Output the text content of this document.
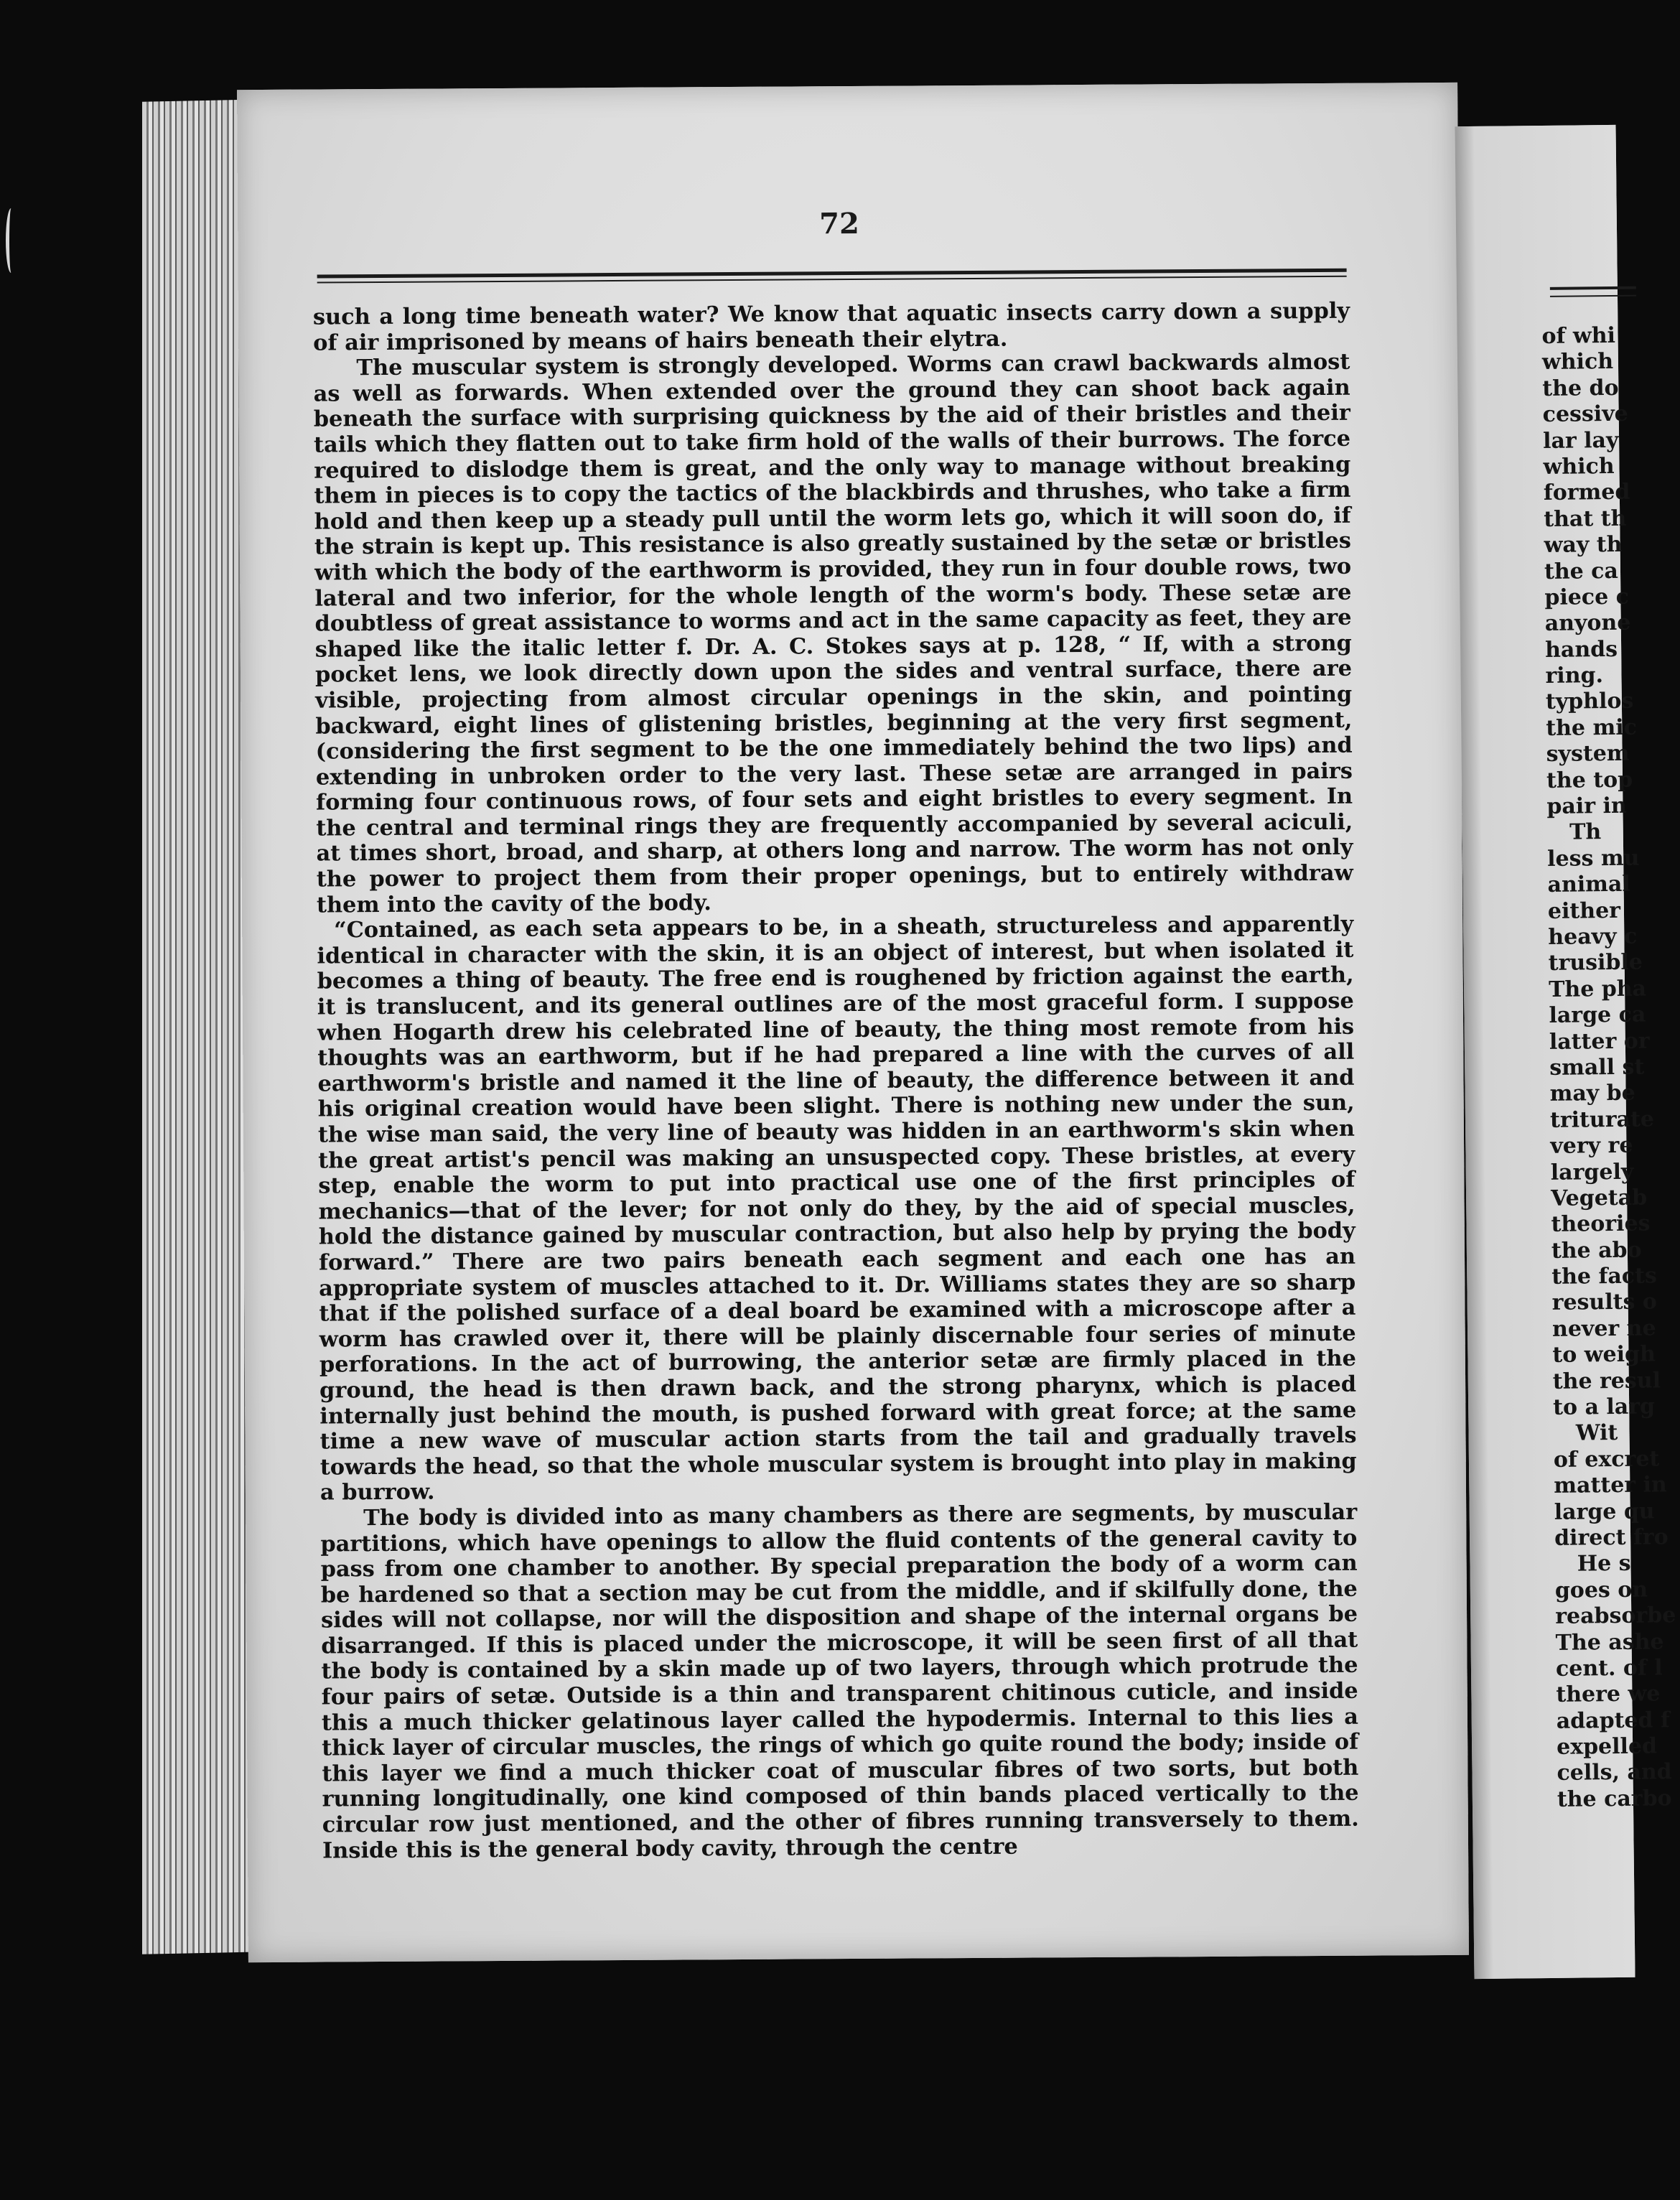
72

such a long time beneath water? We know that aquatic insects carry down a supply of air imprisoned by means of hairs beneath their elytra.

The muscular system is strongly developed. Worms can crawl backwards almost as well as forwards. When extended over the ground they can shoot back again beneath the surface with surprising quickness by the aid of their bristles and their tails which they flatten out to take firm hold of the walls of their burrows. The force required to dislodge them is great, and the only way to manage without breaking them in pieces is to copy the tactics of the blackbirds and thrushes, who take a firm hold and then keep up a steady pull until the worm lets go, which it will soon do, if the strain is kept up. This resistance is also greatly sustained by the setæ or bristles with which the body of the earthworm is provided, they run in four double rows, two lateral and two inferior, for the whole length of the worm's body. These setæ are doubtless of great assistance to worms and act in the same capacity as feet, they are shaped like the italic letter f. Dr. A. C. Stokes says at p. 128, “ If, with a strong pocket lens, we look directly down upon the sides and ventral surface, there are visible, projecting from almost circular openings in the skin, and pointing backward, eight lines of glistening bristles, beginning at the very first segment, (considering the first segment to be the one immediately behind the two lips) and extending in unbroken order to the very last. These setæ are arranged in pairs forming four continuous rows, of four sets and eight bristles to every segment. In the central and terminal rings they are frequently accompanied by several aciculi, at times short, broad, and sharp, at others long and narrow. The worm has not only the power to project them from their proper openings, but to entirely withdraw them into the cavity of the body.

“Contained, as each seta appears to be, in a sheath, structureless and apparently identical in character with the skin, it is an object of interest, but when isolated it becomes a thing of beauty. The free end is roughened by friction against the earth, it is translucent, and its general outlines are of the most graceful form. I suppose when Hogarth drew his celebrated line of beauty, the thing most remote from his thoughts was an earthworm, but if he had prepared a line with the curves of all earthworm's bristle and named it the line of beauty, the difference between it and his original creation would have been slight. There is nothing new under the sun, the wise man said, the very line of beauty was hidden in an earthworm's skin when the great artist's pencil was making an unsuspected copy. These bristles, at every step, enable the worm to put into practical use one of the first principles of mechanics—that of the lever; for not only do they, by the aid of special muscles, hold the distance gained by muscular contraction, but also help by prying the body forward.” There are two pairs beneath each segment and each one has an appropriate system of muscles attached to it. Dr. Williams states they are so sharp that if the polished surface of a deal board be examined with a microscope after a worm has crawled over it, there will be plainly discernable four series of minute perforations. In the act of burrowing, the anterior setæ are firmly placed in the ground, the head is then drawn back, and the strong pharynx, which is placed internally just behind the mouth, is pushed forward with great force; at the same time a new wave of muscular action starts from the tail and gradually travels towards the head, so that the whole muscular system is brought into play in making a burrow.

The body is divided into as many chambers as there are segments, by muscular partitions, which have openings to allow the fluid contents of the general cavity to pass from one chamber to another. By special preparation the body of a worm can be hardened so that a section may be cut from the middle, and if skilfully done, the sides will not collapse, nor will the disposition and shape of the internal organs be disarranged. If this is placed under the microscope, it will be seen first of all that the body is contained by a skin made up of two layers, through which protrude the four pairs of setæ. Outside is a thin and transparent chitinous cuticle, and inside this a much thicker gelatinous layer called the hypodermis. Internal to this lies a thick layer of circular muscles, the rings of which go quite round the body; inside of this layer we find a much thicker coat of muscular fibres of two sorts, but both running longitudinally, one kind composed of thin bands placed vertically to the circular row just mentioned, and the other of fibres running transversely to them. Inside this is the general body cavity, through the centre

of whi
which
the do
cessive
lar lay
which
formed
that th
way th
the ca
piece c
anyone
hands
ring.
typhlos
the mic
system
the top
pair in
Th
less mu
animal
either
heavy c
trusible
The pha
large ca
latter or
small st
may be
triturate
very re
largely
Vegetab
theories
the abo
the facts
results o
never ne
to weigh
the resul
to a larg
Wit
of excret
matter in
large qu
direct fro
He s
goes on
reabsorbe
The ashe
cent. of l
there we
adapted f
expelled
cells, and
the carbo
